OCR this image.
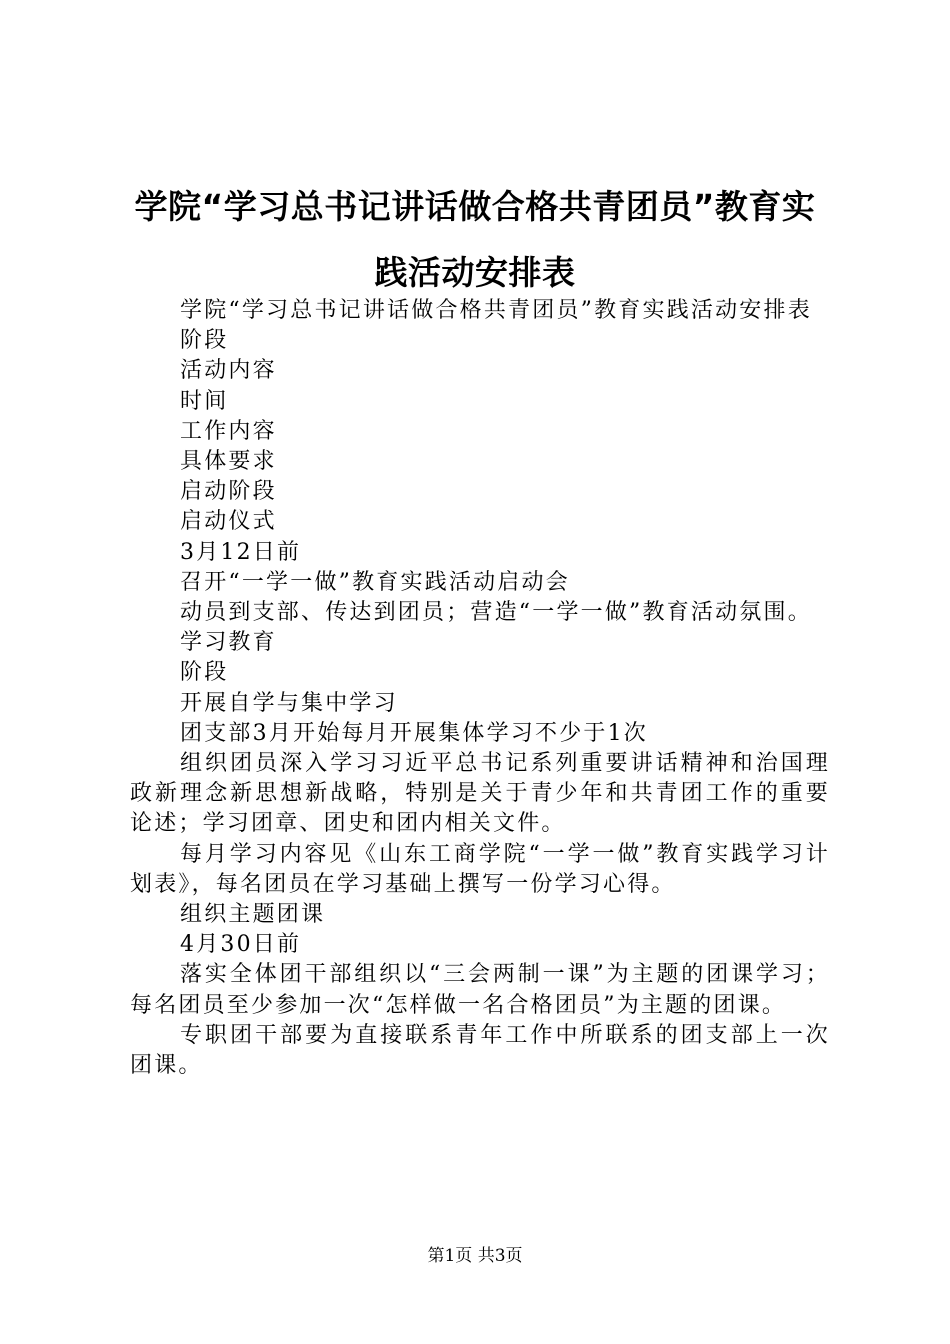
学院“学习总书记讲话做合格共青团员”教育实践活动安排表

学院“学习总书记讲话做合格共青团员”教育实践活动安排表

阶段

活动内容

时间

工作内容

具体要求

启动阶段

启动仪式

3月12日前

召开“一学一做”教育实践活动启动会

动员到支部、传达到团员；营造“一学一做”教育活动氛围。

学习教育

阶段

开展自学与集中学习

团支部3月开始每月开展集体学习不少于1次

组织团员深入学习习近平总书记系列重要讲话精神和治国理政新理念新思想新战略，特别是关于青少年和共青团工作的重要论述；学习团章、团史和团内相关文件。

每月学习内容见《山东工商学院“一学一做”教育实践学习计划表》，每名团员在学习基础上撰写一份学习心得。

组织主题团课

4月30日前

落实全体团干部组织以“三会两制一课”为主题的团课学习；每名团员至少参加一次“怎样做一名合格团员”为主题的团课。

专职团干部要为直接联系青年工作中所联系的团支部上一次团课。

第1页 共3页
